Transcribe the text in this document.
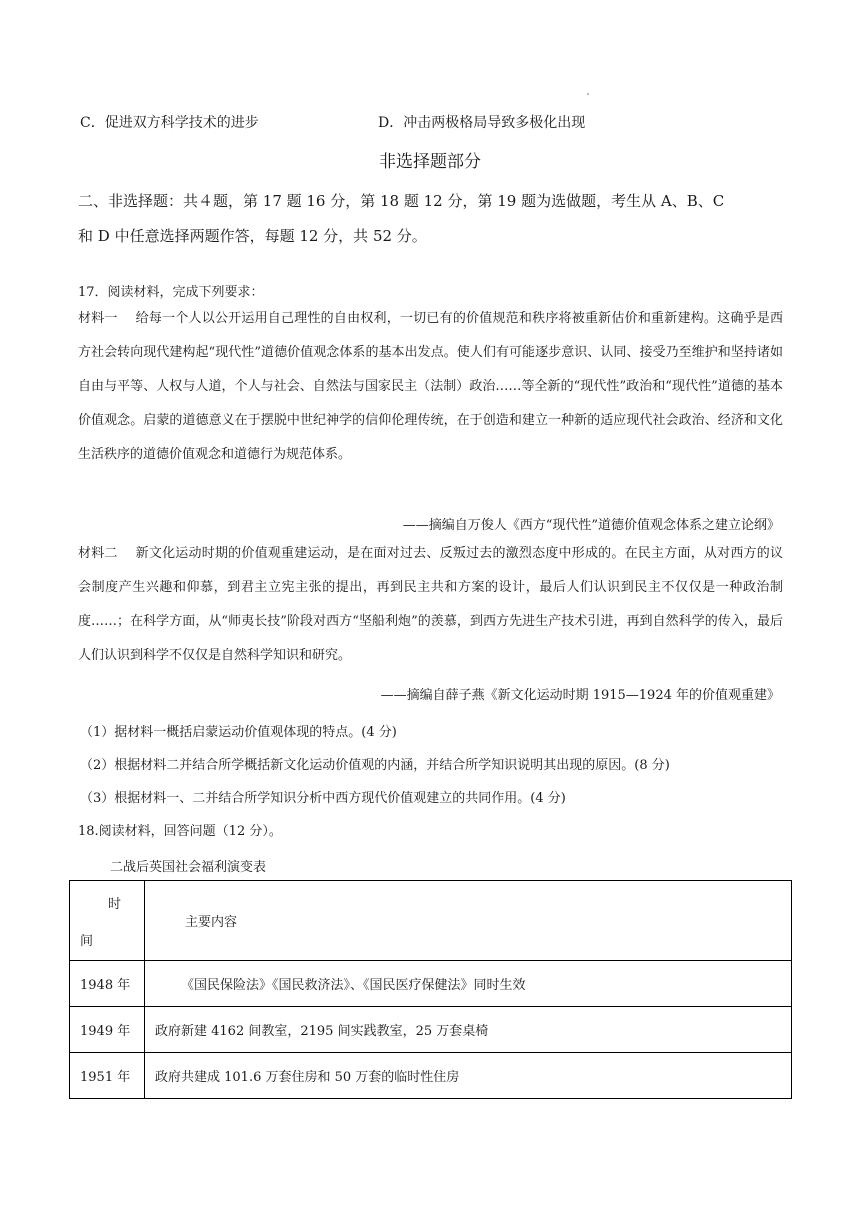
C．促进双方科学技术的进步	D．冲击两极格局导致多极化出现
非选择题部分
二、非选择题：共４题，第 17 题 16 分，第 18 题 12 分，第 19 题为选做题，考生从 A、B、C
和 D 中任意选择两题作答，每题 12 分，共 52 分。
17．阅读材料，完成下列要求：
材料一 给每一个人以公开运用自己理性的自由权利，一切已有的价值规范和秩序将被重新估价和重新建构。这确乎是西方社会转向现代建构起“现代性”道德价值观念体系的基本出发点。使人们有可能逐步意识、认同、接受乃至维护和坚持诸如自由与平等、人权与人道，个人与社会、自然法与国家民主（法制）政治……等全新的“现代性”政治和“现代性”道德的基本价值观念。启蒙的道德意义在于摆脱中世纪神学的信仰伦理传统，在于创造和建立一种新的适应现代社会政治、经济和文化生活秩序的道德价值观念和道德行为规范体系。
——摘编自万俊人《西方“现代性”道德价值观念体系之建立论纲》
材料二 新文化运动时期的价值观重建运动，是在面对过去、反叛过去的激烈态度中形成的。在民主方面，从对西方的议会制度产生兴趣和仰慕，到君主立宪主张的提出，再到民主共和方案的设计，最后人们认识到民主不仅仅是一种政治制度……；在科学方面，从“师夷长技”阶段对西方“坚船利炮”的羡慕，到西方先进生产技术引进，再到自然科学的传入，最后人们认识到科学不仅仅是自然科学知识和研究。
——摘编自薛子燕《新文化运动时期 1915—1924 年的价值观重建》
（1）据材料一概括启蒙运动价值观体现的特点。(4 分)
（2）根据材料二并结合所学概括新文化运动价值观的内涵，并结合所学知识说明其出现的原因。(8 分)
（3）根据材料一、二并结合所学知识分析中西方现代价值观建立的共同作用。(4 分)
18.阅读材料，回答问题（12 分）。
二战后英国社会福利演变表
时
间	主要内容
1948 年	《国民保险法》《国民救济法》、《国民医疗保健法》同时生效
1949 年	政府新建 4162 间教室，2195 间实践教室，25 万套桌椅
1951 年	政府共建成 101.6 万套住房和 50 万套的临时性住房
